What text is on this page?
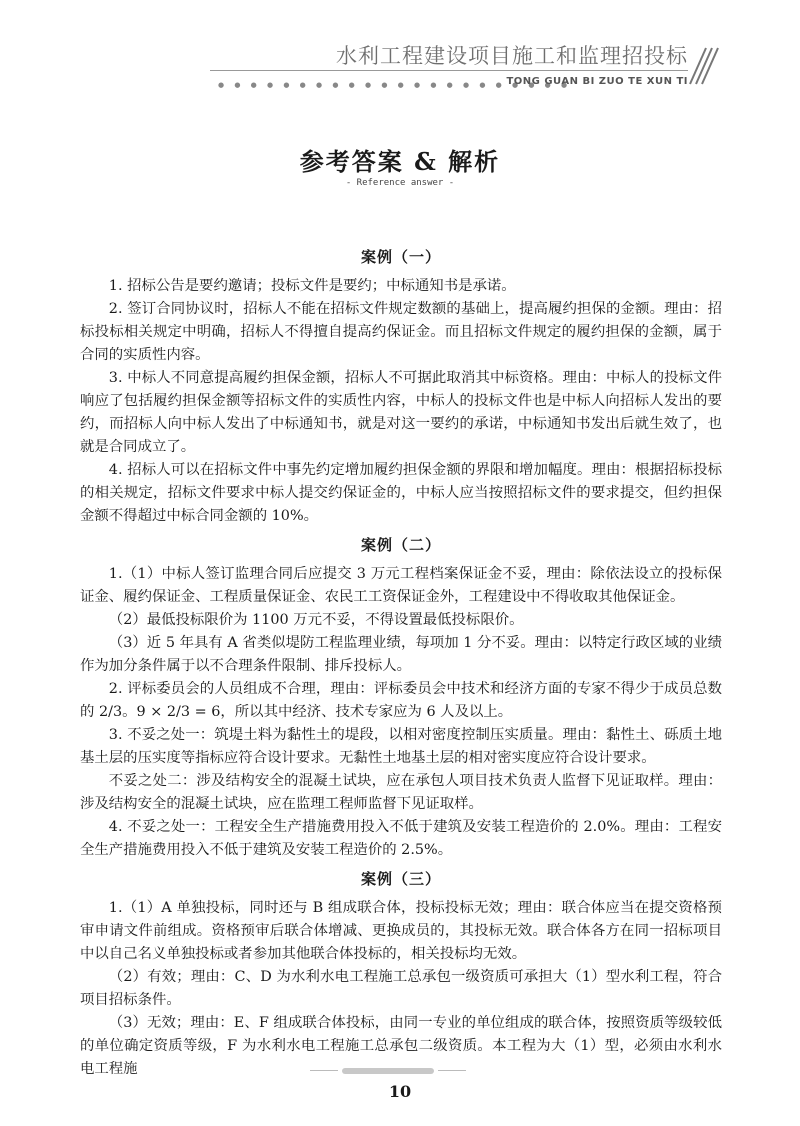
水利工程建设项目施工和监理招投标
● ● ● ● ● ● ● ● ● ● ● ● ● ● ● ● ● ● ● ● ● ●
TONG GUAN BI ZUO TE XUN TI
参考答案 & 解析
- Reference answer -
案例（一）

1. 招标公告是要约邀请；投标文件是要约；中标通知书是承诺。

2. 签订合同协议时，招标人不能在招标文件规定数额的基础上，提高履约担保的金额。理由：招标投标相关规定中明确，招标人不得擅自提高约保证金。而且招标文件规定的履约担保的金额，属于合同的实质性内容。

3. 中标人不同意提高履约担保金额，招标人不可据此取消其中标资格。理由：中标人的投标文件响应了包括履约担保金额等招标文件的实质性内容，中标人的投标文件也是中标人向招标人发出的要约，而招标人向中标人发出了中标通知书，就是对这一要约的承诺，中标通知书发出后就生效了，也就是合同成立了。

4. 招标人可以在招标文件中事先约定增加履约担保金额的界限和增加幅度。理由：根据招标投标的相关规定，招标文件要求中标人提交约保证金的，中标人应当按照招标文件的要求提交，但约担保金额不得超过中标合同金额的 10%。

案例（二）

1.（1）中标人签订监理合同后应提交 3 万元工程档案保证金不妥，理由：除依法设立的投标保证金、履约保证金、工程质量保证金、农民工工资保证金外，工程建设中不得收取其他保证金。

（2）最低投标限价为 1100 万元不妥，不得设置最低投标限价。

（3）近 5 年具有 A 省类似堤防工程监理业绩，每项加 1 分不妥。理由：以特定行政区域的业绩作为加分条件属于以不合理条件限制、排斥投标人。

2. 评标委员会的人员组成不合理，理由：评标委员会中技术和经济方面的专家不得少于成员总数的 2/3。9 × 2/3 = 6，所以其中经济、技术专家应为 6 人及以上。

3. 不妥之处一：筑堤土料为黏性土的堤段，以相对密度控制压实质量。理由：黏性土、砾质土地基土层的压实度等指标应符合设计要求。无黏性土地基土层的相对密实度应符合设计要求。

不妥之处二：涉及结构安全的混凝土试块，应在承包人项目技术负责人监督下见证取样。理由：涉及结构安全的混凝土试块，应在监理工程师监督下见证取样。

4. 不妥之处一：工程安全生产措施费用投入不低于建筑及安装工程造价的 2.0%。理由：工程安全生产措施费用投入不低于建筑及安装工程造价的 2.5%。

案例（三）

1.（1）A 单独投标，同时还与 B 组成联合体，投标投标无效；理由：联合体应当在提交资格预审申请文件前组成。资格预审后联合体增减、更换成员的，其投标无效。联合体各方在同一招标项目中以自己名义单独投标或者参加其他联合体投标的，相关投标均无效。

（2）有效；理由：C、D 为水利水电工程施工总承包一级资质可承担大（1）型水利工程，符合项目招标条件。

（3）无效；理由：E、F 组成联合体投标，由同一专业的单位组成的联合体，按照资质等级较低的单位确定资质等级，F 为水利水电工程施工总承包二级资质。本工程为大（1）型，必须由水利水电工程施

10
